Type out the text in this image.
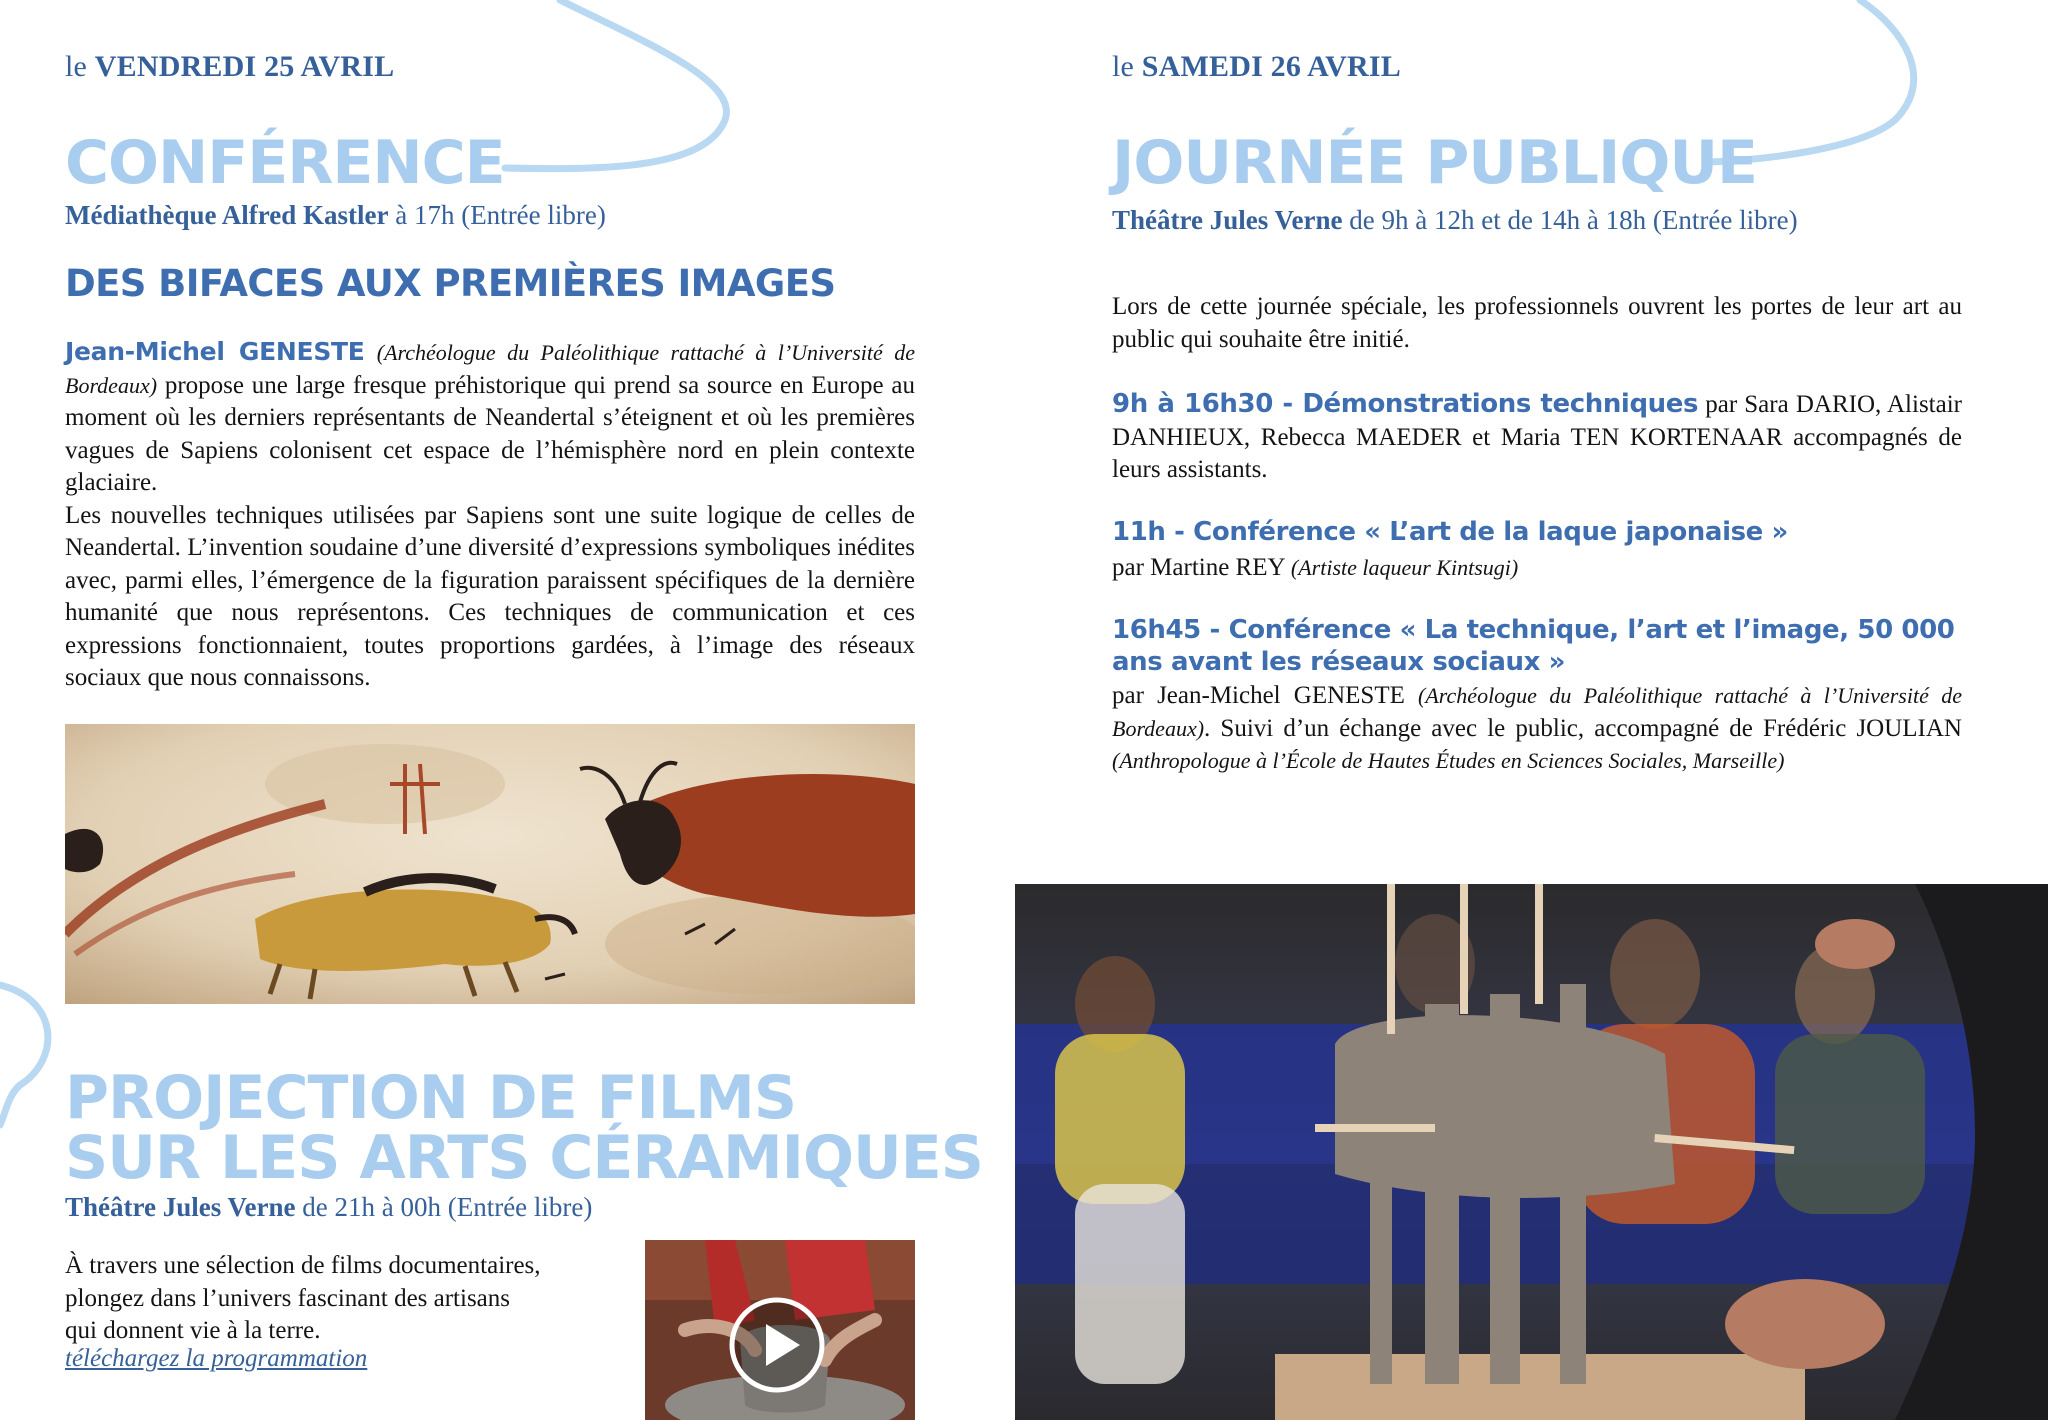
le VENDREDI 25 AVRIL
CONFÉRENCE
Médiathèque Alfred Kastler à 17h (Entrée libre)
DES BIFACES AUX PREMIÈRES IMAGES
Jean-Michel GENESTE (Archéologue du Paléolithique rattaché à l’Université de Bordeaux) propose une large fresque préhistorique qui prend sa source en Europe au moment où les derniers représentants de Neandertal s’éteignent et où les premières vagues de Sapiens colonisent cet espace de l’hémisphère nord en plein contexte glaciaire.
Les nouvelles techniques utilisées par Sapiens sont une suite logique de celles de Neandertal. L’invention soudaine d’une diversité d’expressions symboliques inédites avec, parmi elles, l’émergence de la figuration paraissent spécifiques de la dernière humanité que nous représentons. Ces techniques de communication et ces expressions fonctionnaient, toutes proportions gardées, à l’image des réseaux sociaux que nous connaissons.
PROJECTION DE FILMS
SUR LES ARTS CÉRAMIQUES
Théâtre Jules Verne de 21h à 00h (Entrée libre)
À travers une sélection de films documentaires,
plongez dans l’univers fascinant des artisans
qui donnent vie à la terre.
téléchargez la programmation
le SAMEDI 26 AVRIL
JOURNÉE PUBLIQUE
Théâtre Jules Verne de 9h à 12h et de 14h à 18h (Entrée libre)
Lors de cette journée spéciale, les professionnels ouvrent les portes de leur art au public qui souhaite être initié.
9h à 16h30 - Démonstrations techniques par Sara DARIO, Alistair DANHIEUX, Rebecca MAEDER et Maria TEN KORTENAAR accompagnés de leurs assistants.
11h - Conférence « L’art de la laque japonaise »
par Martine REY (Artiste laqueur Kintsugi)
16h45 - Conférence « La technique, l’art et l’image, 50 000 ans avant les réseaux sociaux »
par Jean-Michel GENESTE (Archéologue du Paléolithique rattaché à l’Université de Bordeaux). Suivi d’un échange avec le public, accompagné de Frédéric JOULIAN (Anthropologue à l’École de Hautes Études en Sciences Sociales, Marseille)
